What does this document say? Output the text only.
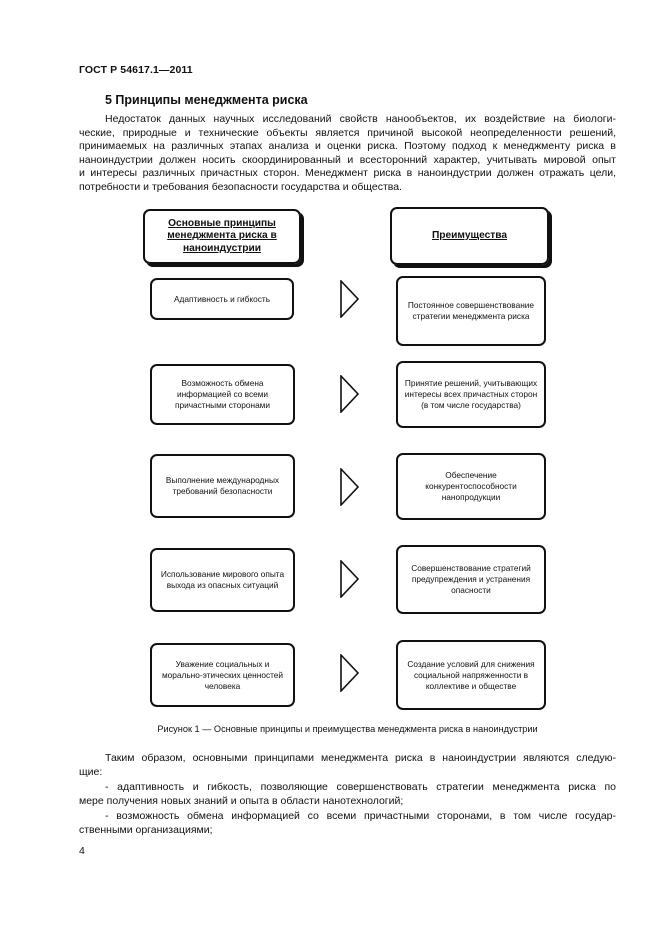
ГОСТ Р 54617.1—2011
5 Принципы менеджмента риска
Недостаток данных научных исследований свойств нанообъектов, их воздействие на биологи-
ческие, природные и технические объекты является причиной высокой неопределенности решений,
принимаемых на различных этапах анализа и оценки риска. Поэтому подход к менеджменту риска в
наноиндустрии должен носить скоординированный и всесторонний характер, учитывать мировой опыт
и интересы различных причастных сторон. Менеджмент риска в наноиндустрии должен отражать цели,
потребности и требования безопасности государства и общества.
Основные принципы менеджмента риска в наноиндустрии
Преимущества
Адаптивность и гибкость
Постоянное совершенствование стратегии менеджмента риска
Возможность обмена информацией со всеми причастными сторонами
Принятие решений, учитывающих интересы всех причастных сторон (в том числе государства)
Выполнение международных требований безопасности
Обеспечение конкурентоспособности нанопродукции
Использование мирового опыта выхода из опасных ситуаций
Совершенствование стратегий предупреждения и устранения опасности
Уважение социальных и морально-этических ценностей человека
Создание условий для снижения социальной напряженности в коллективе и обществе
Рисунок 1 — Основные принципы и преимущества менеджмента риска в наноиндустрии
Таким образом, основными принципами менеджмента риска в наноиндустрии являются следую-
щие:
- адаптивность и гибкость, позволяющие совершенствовать стратегии менеджмента риска по
мере получения новых знаний и опыта в области нанотехнологий;
- возможность обмена информацией со всеми причастными сторонами, в том числе государ-
ственными организациями;
4
